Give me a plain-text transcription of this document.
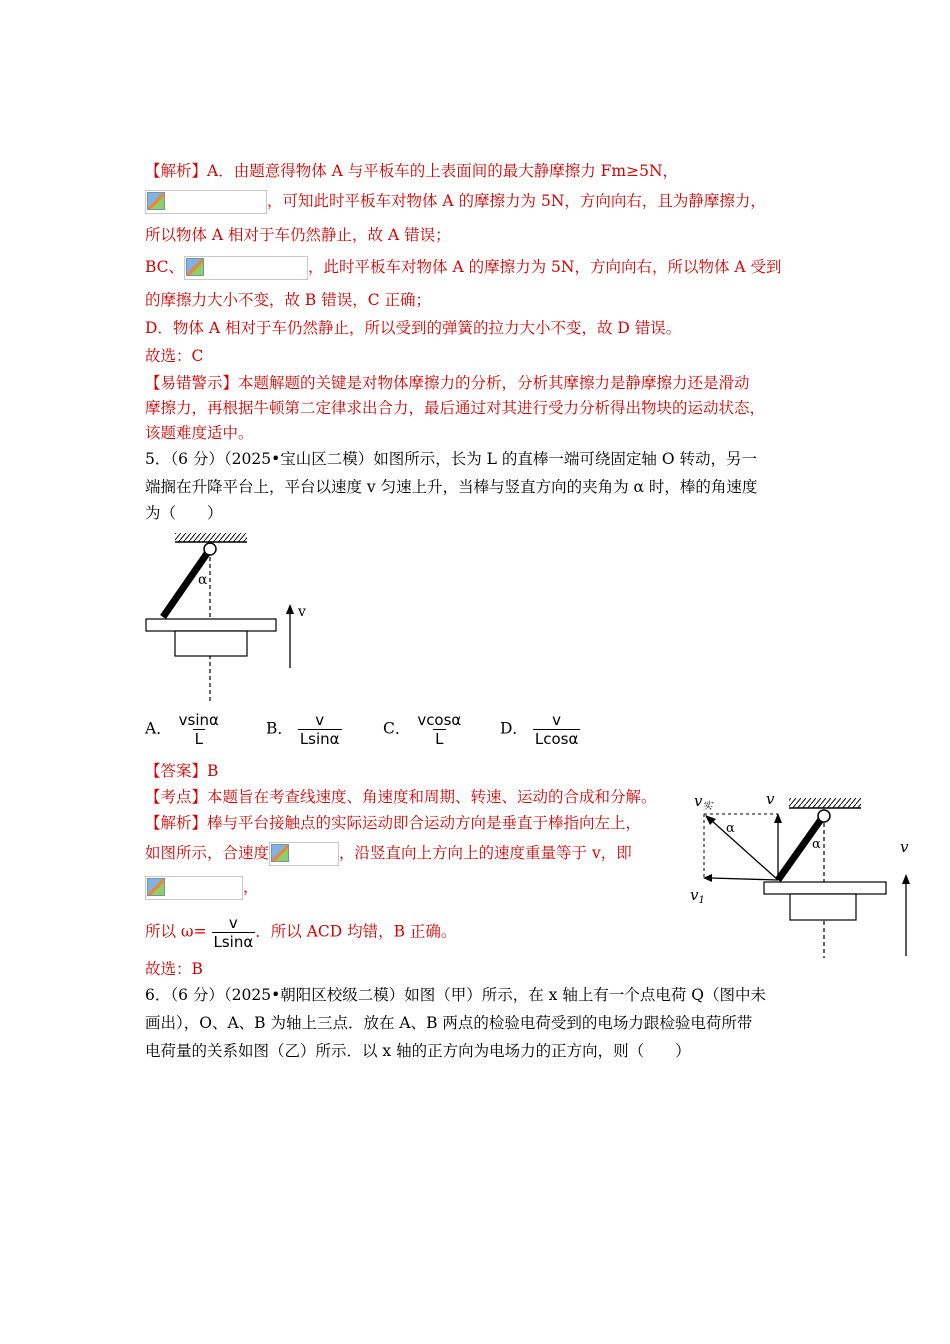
【解析】A．由题意得物体 A 与平板车的上表面间的最大静摩擦力 Fm≥5N，
，可知此时平板车对物体 A 的摩擦力为 5N，方向向右，且为静摩擦力，
所以物体 A 相对于车仍然静止，故 A 错误；
BC、	，此时平板车对物体 A 的摩擦力为 5N，方向向右，所以物体 A 受到
的摩擦力大小不变，故 B 错误，C 正确；
D．物体 A 相对于车仍然静止，所以受到的弹簧的拉力大小不变，故 D 错误。
故选：C
【易错警示】本题解题的关键是对物体摩擦力的分析，分析其摩擦力是静摩擦力还是滑动
摩擦力，再根据牛顿第二定律求出合力，最后通过对其进行受力分析得出物块的运动状态，
该题难度适中。
5．（6 分）（2025•宝山区二模）如图所示，长为 L 的直棒一端可绕固定轴 O 转动，另一
端搁在升降平台上，平台以速度 v 匀速上升，当棒与竖直方向的夹角为 α 时，棒的角速度
为（　　）
α
v
A． $\frac{vsin\alpha}{L}$	B． $\frac{v}{Lsin\alpha}$	C． $\frac{vcos\alpha}{L}$ D． $\frac{v}{Lcos\alpha}$
【答案】B
【考点】本题旨在考查线速度、角速度和周期、转速、运动的合成和分解。
【解析】棒与平台接触点的实际运动即合运动方向是垂直于棒指向左上，
如图所示，合速度	，沿竖直向上方向上的速度重量等于 v，即
，
所以 $\omega= \frac{v}{Lsin\alpha}$ ．所以 ACD 均错，B 正确。
故选：B
$v_实$	v
α
α
$v_1$
v
6．（6 分）（2025•朝阳区校级二模）如图（甲）所示，在 x 轴上有一个点电荷 Q（图中未
画出），O、A、B 为轴上三点．放在 A、B 两点的检验电荷受到的电场力跟检验电荷所带
电荷量的关系如图（乙）所示．以 x 轴的正方向为电场力的正方向，则（　　）
